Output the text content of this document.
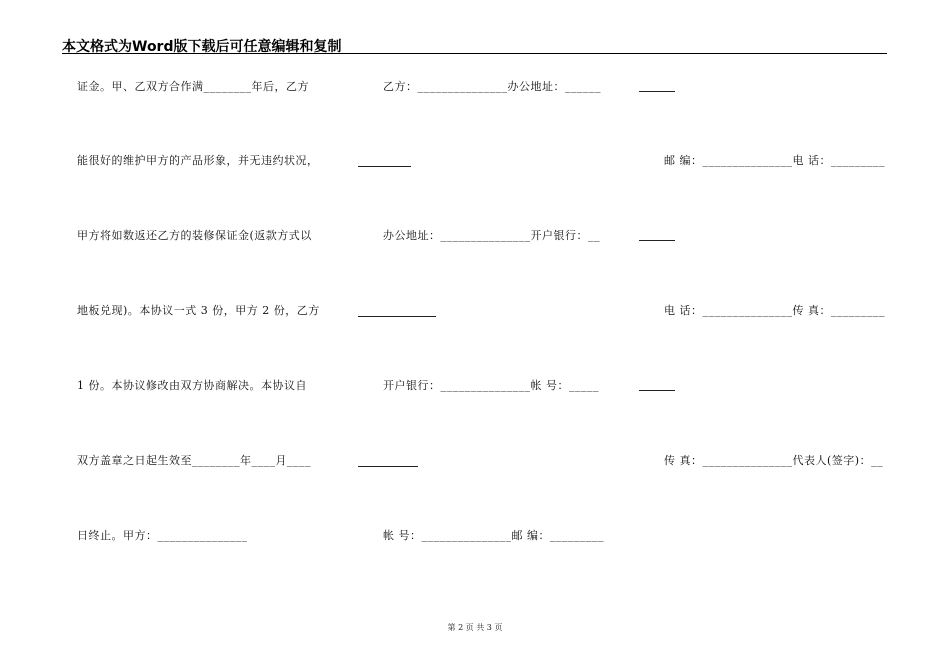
本文格式为Word版下载后可任意编辑和复制
证金。甲、乙双方合作满________年后，乙方
能很好的维护甲方的产品形象，并无违约状况，
甲方将如数返还乙方的装修保证金(返款方式以
地板兑现)。本协议一式 3 份，甲方 2 份，乙方
1 份。本协议修改由双方协商解决。本协议自
双方盖章之日起生效至________年____月____
日终止。甲方：_______________
乙方：_______________办公地址：______
办公地址：_______________开户银行：__
开户银行：_______________帐 号：_____
帐 号：_______________邮 编：_________
邮 编：_______________电 话：_________
电 话：_______________传 真：_________
传 真：_______________代表人(签字)：__
第 2 页 共 3 页
